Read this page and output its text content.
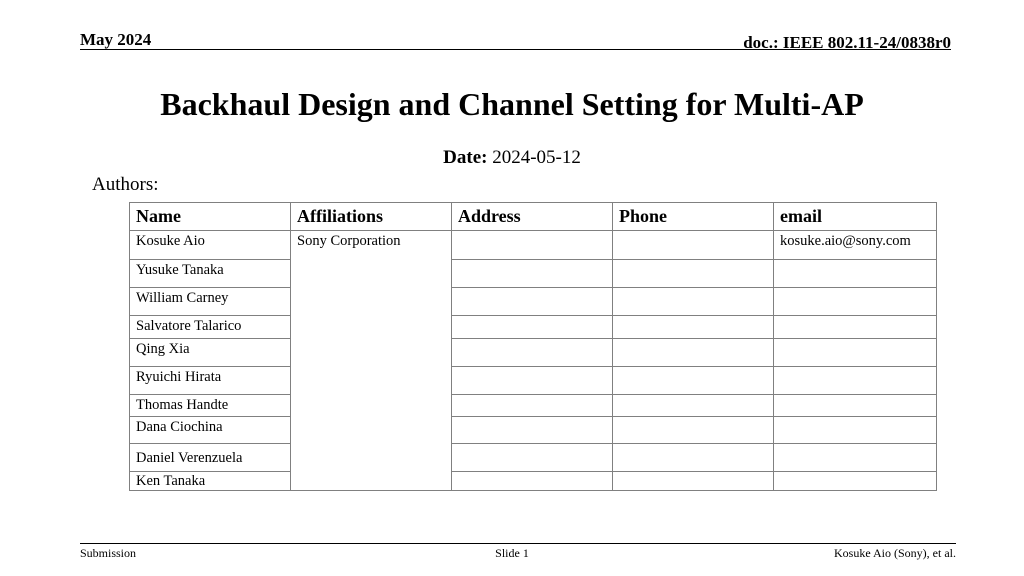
May 2024	doc.: IEEE 802.11-24/0838r0
Backhaul Design and Channel Setting for Multi-AP
Date: 2024-05-12
Authors:
Name	Affiliations	Address	Phone	email
Kosuke Aio	Sony Corporation			kosuke.aio@sony.com
Yusuke Tanaka				
William Carney				
Salvatore Talarico				
Qing Xia				
Ryuichi Hirata				
Thomas Handte				
Dana Ciochina				
Daniel Verenzuela				
Ken Tanaka				
Submission	Slide 1	Kosuke Aio (Sony), et al.
